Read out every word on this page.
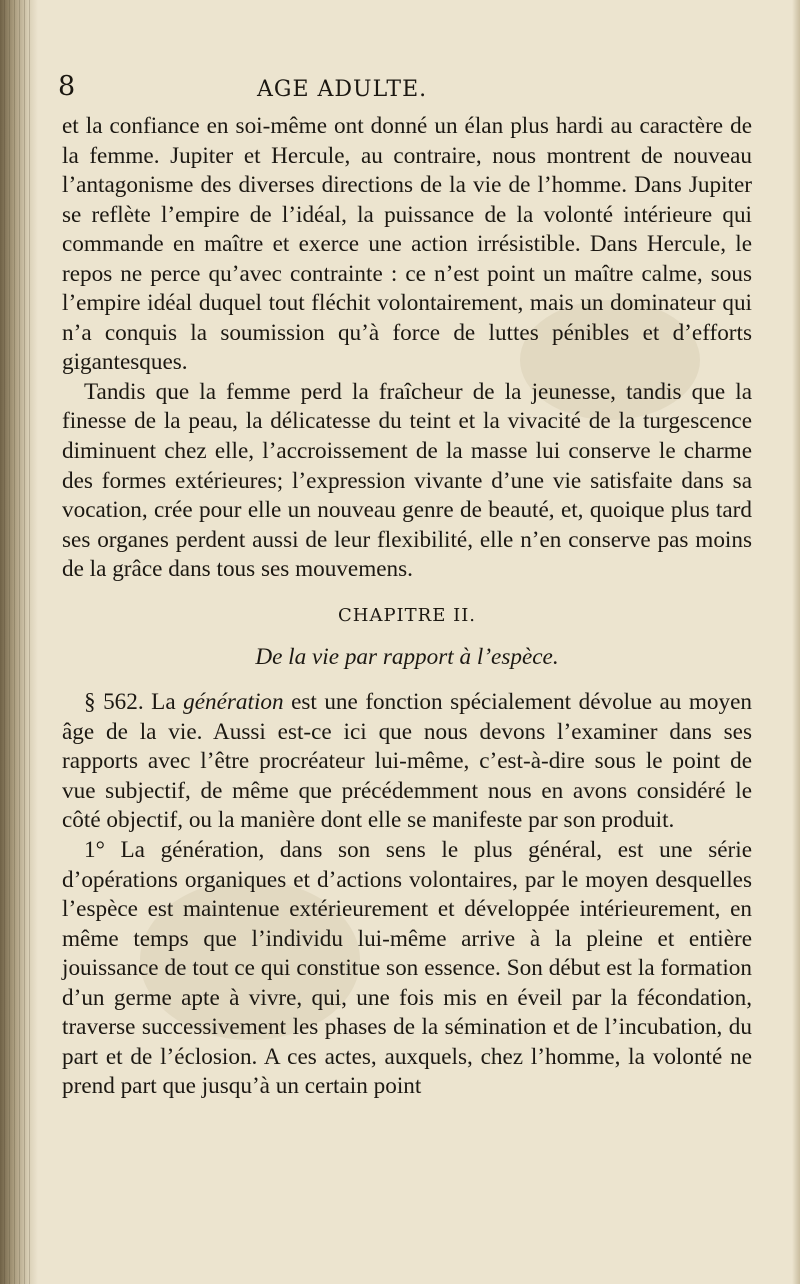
8	AGE ADULTE.

et la confiance en soi-même ont donné un élan plus hardi au caractère de la femme. Jupiter et Hercule, au contraire, nous montrent de nouveau l’antagonisme des diverses directions de la vie de l’homme. Dans Jupiter se reflète l’empire de l’idéal, la puissance de la volonté intérieure qui commande en maître et exerce une action irrésistible. Dans Hercule, le repos ne perce qu’avec contrainte : ce n’est point un maître calme, sous l’empire idéal duquel tout fléchit volontairement, mais un dominateur qui n’a conquis la soumission qu’à force de luttes pénibles et d’efforts gigantesques.

Tandis que la femme perd la fraîcheur de la jeunesse, tandis que la finesse de la peau, la délicatesse du teint et la vivacité de la turgescence diminuent chez elle, l’accroissement de la masse lui conserve le charme des formes extérieures; l’expression vivante d’une vie satisfaite dans sa vocation, crée pour elle un nouveau genre de beauté, et, quoique plus tard ses organes perdent aussi de leur flexibilité, elle n’en conserve pas moins de la grâce dans tous ses mouvemens.

CHAPITRE II.

De la vie par rapport à l’espèce.

§ 562. La génération est une fonction spécialement dévolue au moyen âge de la vie. Aussi est-ce ici que nous devons l’examiner dans ses rapports avec l’être procréateur lui-même, c’est-à-dire sous le point de vue subjectif, de même que précédemment nous en avons considéré le côté objectif, ou la manière dont elle se manifeste par son produit.

1° La génération, dans son sens le plus général, est une série d’opérations organiques et d’actions volontaires, par le moyen desquelles l’espèce est maintenue extérieurement et développée intérieurement, en même temps que l’individu lui-même arrive à la pleine et entière jouissance de tout ce qui constitue son essence. Son début est la formation d’un germe apte à vivre, qui, une fois mis en éveil par la fécondation, traverse successivement les phases de la sémination et de l’incubation, du part et de l’éclosion. A ces actes, auxquels, chez l’homme, la volonté ne prend part que jusqu’à un certain point
